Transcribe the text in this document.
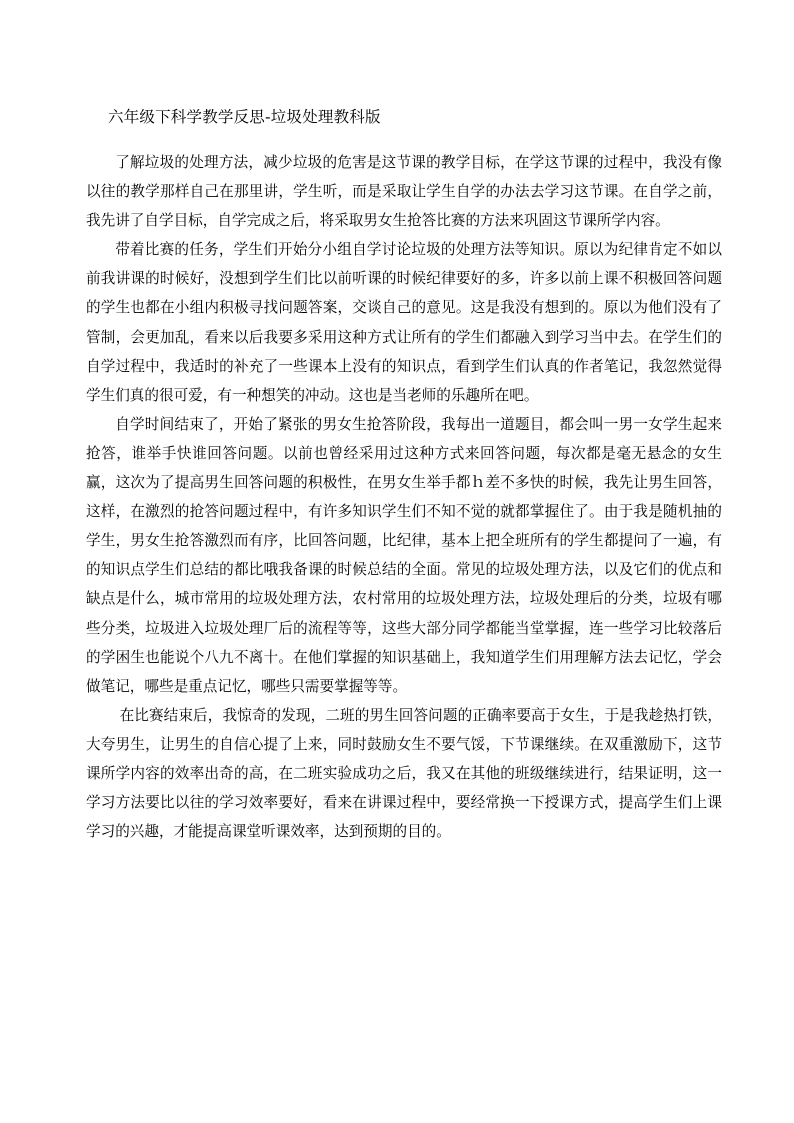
六年级下科学教学反思-垃圾处理教科版

了解垃圾的处理方法，减少垃圾的危害是这节课的教学目标，在学这节课的过程中，我没有像以往的教学那样自己在那里讲，学生听，而是采取让学生自学的办法去学习这节课。在自学之前，我先讲了自学目标，自学完成之后，将采取男女生抢答比赛的方法来巩固这节课所学内容。

带着比赛的任务，学生们开始分小组自学讨论垃圾的处理方法等知识。原以为纪律肯定不如以前我讲课的时候好，没想到学生们比以前听课的时候纪律要好的多，许多以前上课不积极回答问题的学生也都在小组内积极寻找问题答案，交谈自己的意见。这是我没有想到的。原以为他们没有了管制，会更加乱，看来以后我要多采用这种方式让所有的学生们都融入到学习当中去。在学生们的自学过程中，我适时的补充了一些课本上没有的知识点，看到学生们认真的作者笔记，我忽然觉得学生们真的很可爱，有一种想笑的冲动。这也是当老师的乐趣所在吧。

自学时间结束了，开始了紧张的男女生抢答阶段，我每出一道题目，都会叫一男一女学生起来抢答，谁举手快谁回答问题。以前也曾经采用过这种方式来回答问题，每次都是毫无悬念的女生赢，这次为了提高男生回答问题的积极性，在男女生举手都ｈ差不多快的时候，我先让男生回答，这样，在激烈的抢答问题过程中，有许多知识学生们不知不觉的就都掌握住了。由于我是随机抽的学生，男女生抢答激烈而有序，比回答问题，比纪律，基本上把全班所有的学生都提问了一遍，有的知识点学生们总结的都比哦我备课的时候总结的全面。常见的垃圾处理方法，以及它们的优点和缺点是什么，城市常用的垃圾处理方法，农村常用的垃圾处理方法，垃圾处理后的分类，垃圾有哪些分类，垃圾进入垃圾处理厂后的流程等等，这些大部分同学都能当堂掌握，连一些学习比较落后的学困生也能说个八九不离十。在他们掌握的知识基础上，我知道学生们用理解方法去记忆，学会做笔记，哪些是重点记忆，哪些只需要掌握等等。

在比赛结束后，我惊奇的发现，二班的男生回答问题的正确率要高于女生，于是我趁热打铁，大夸男生，让男生的自信心提了上来，同时鼓励女生不要气馁，下节课继续。在双重激励下，这节课所学内容的效率出奇的高，在二班实验成功之后，我又在其他的班级继续进行，结果证明，这一学习方法要比以往的学习效率要好，看来在讲课过程中，要经常换一下授课方式，提高学生们上课学习的兴趣，才能提高课堂听课效率，达到预期的目的。
